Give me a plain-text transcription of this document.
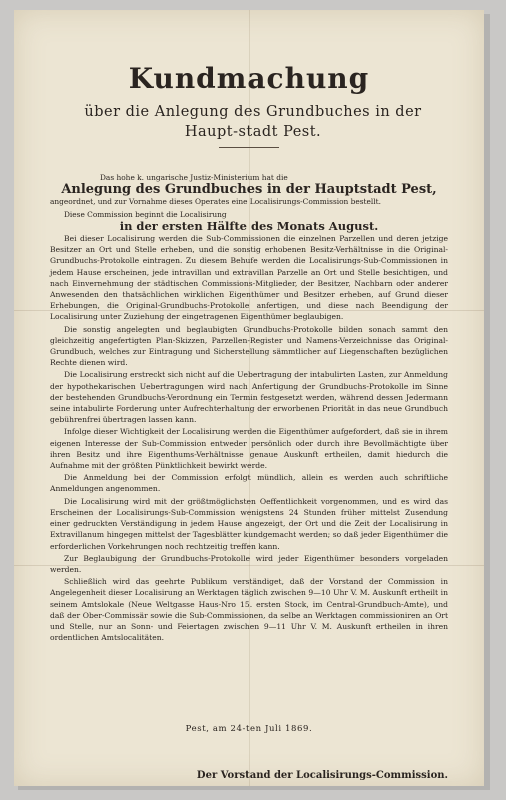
Kundmachung
über die Anlegung des Grundbuches in der Haupt-stadt Pest.

Das hohe k. ungarische Justiz-Ministerium hat die

Anlegung des Grundbuches in der Hauptstadt Pest,

angeordnet, und zur Vornahme dieses Operates eine Localisirungs-Commission bestellt.

Diese Commission beginnt die Localisirung

in der ersten Hälfte des Monats August.

Bei dieser Localisirung werden die Sub-Commissionen die einzelnen Parzellen und deren jetzige Besitzer an Ort und Stelle erheben, und die sonstig erhobenen Besitz-Verhältnisse in die Original-Grundbuchs-Protokolle eintragen. Zu diesem Behufe werden die Localisirungs-Sub-Commissionen in jedem Hause erscheinen, jede intravillan und extravillan Parzelle an Ort und Stelle besichtigen, und nach Einvernehmung der städtischen Commissions-Mitglieder, der Besitzer, Nachbarn oder anderer Anwesenden den thatsächlichen wirklichen Eigenthümer und Besitzer erheben, auf Grund dieser Erhebungen, die Original-Grundbuchs-Protokolle anfertigen, und diese nach Beendigung der Localisirung unter Zuziehung der eingetragenen Eigenthümer beglaubigen.

Die sonstig angelegten und beglaubigten Grundbuchs-Protokolle bilden sonach sammt den gleichzeitig angefertigten Plan-Skizzen, Parzellen-Register und Namens-Verzeichnisse das Original-Grundbuch, welches zur Eintragung und Sicherstellung sämmtlicher auf Liegenschaften bezüglichen Rechte dienen wird.

Die Localisirung erstreckt sich nicht auf die Uebertragung der intabulirten Lasten, zur Anmeldung der hypothekarischen Uebertragungen wird nach Anfertigung der Grundbuchs-Protokolle im Sinne der bestehenden Grundbuchs-Verordnung ein Termin festgesetzt werden, während dessen Jedermann seine intabulirte Forderung unter Aufrechterhaltung der erworbenen Priorität in das neue Grundbuch gebührenfrei übertragen lassen kann.

Infolge dieser Wichtigkeit der Localisirung werden die Eigenthümer aufgefordert, daß sie in ihrem eigenen Interesse der Sub-Commission entweder persönlich oder durch ihre Bevollmächtigte über ihren Besitz und ihre Eigenthums-Verhältnisse genaue Auskunft ertheilen, damit hiedurch die Aufnahme mit der größten Pünktlichkeit bewirkt werde.

Die Anmeldung bei der Commission erfolgt mündlich, allein es werden auch schriftliche Anmeldungen angenommen.

Die Localisirung wird mit der größtmöglichsten Oeffentlichkeit vorgenommen, und es wird das Erscheinen der Localisirungs-Sub-Commission wenigstens 24 Stunden früher mittelst Zusendung einer gedruckten Verständigung in jedem Hause angezeigt, der Ort und die Zeit der Localisirung in Extravillanum hingegen mittelst der Tagesblätter kundgemacht werden; so daß jeder Eigenthümer die erforderlichen Vorkehrungen noch rechtzeitig treffen kann.

Zur Beglaubigung der Grundbuchs-Protokolle wird jeder Eigenthümer besonders vorgeladen werden.

Schließlich wird das geehrte Publikum verständiget, daß der Vorstand der Commission in Angelegenheit dieser Localisirung an Werktagen täglich zwischen 9—10 Uhr V. M. Auskunft ertheilt in seinem Amtslokale (Neue Weltgasse Haus-Nro 15. ersten Stock, im Central-Grundbuch-Amte), und daß der Ober-Commissär sowie die Sub-Commissionen, da selbe an Werktagen commissioniren an Ort und Stelle, nur an Sonn- und Feiertagen zwischen 9—11 Uhr V. M. Auskunft ertheilen in ihren ordentlichen Amtslocalitäten.

Pest, am 24-ten Juli 1869.
Der Vorstand der Localisirungs-Commission.
